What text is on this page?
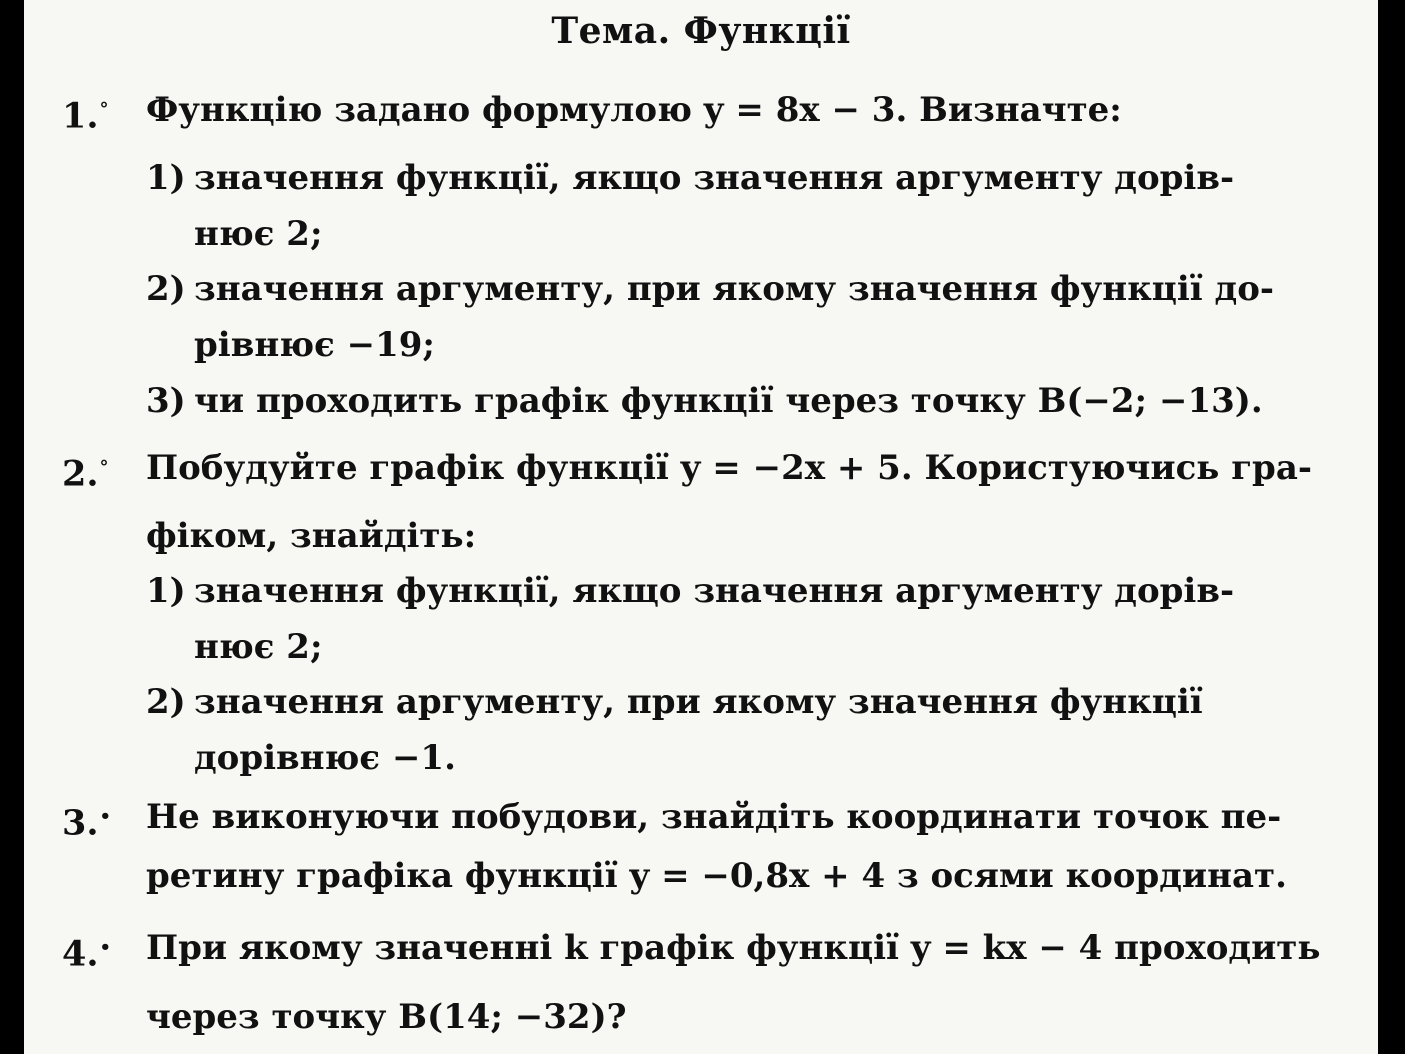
Тема. Функції
1.° Функцію задано формулою y = 8x − 3. Визначте:
1) значення функції, якщо значення аргументу дорів-
нює 2;
2) значення аргументу, при якому значення функції до-
рівнює −19;
3) чи проходить графік функції через точку B(−2; −13).
2.° Побудуйте графік функції y = −2x + 5. Користуючись гра-
фіком, знайдіть:
1) значення функції, якщо значення аргументу дорів-
нює 2;
2) значення аргументу, при якому значення функції
дорівнює −1.
3.• Не виконуючи побудови, знайдіть координати точок пе-
ретину графіка функції y = −0,8x + 4 з осями координат.
4.• При якому значенні k графік функції y = kx − 4 проходить
через точку B(14; −32)?
